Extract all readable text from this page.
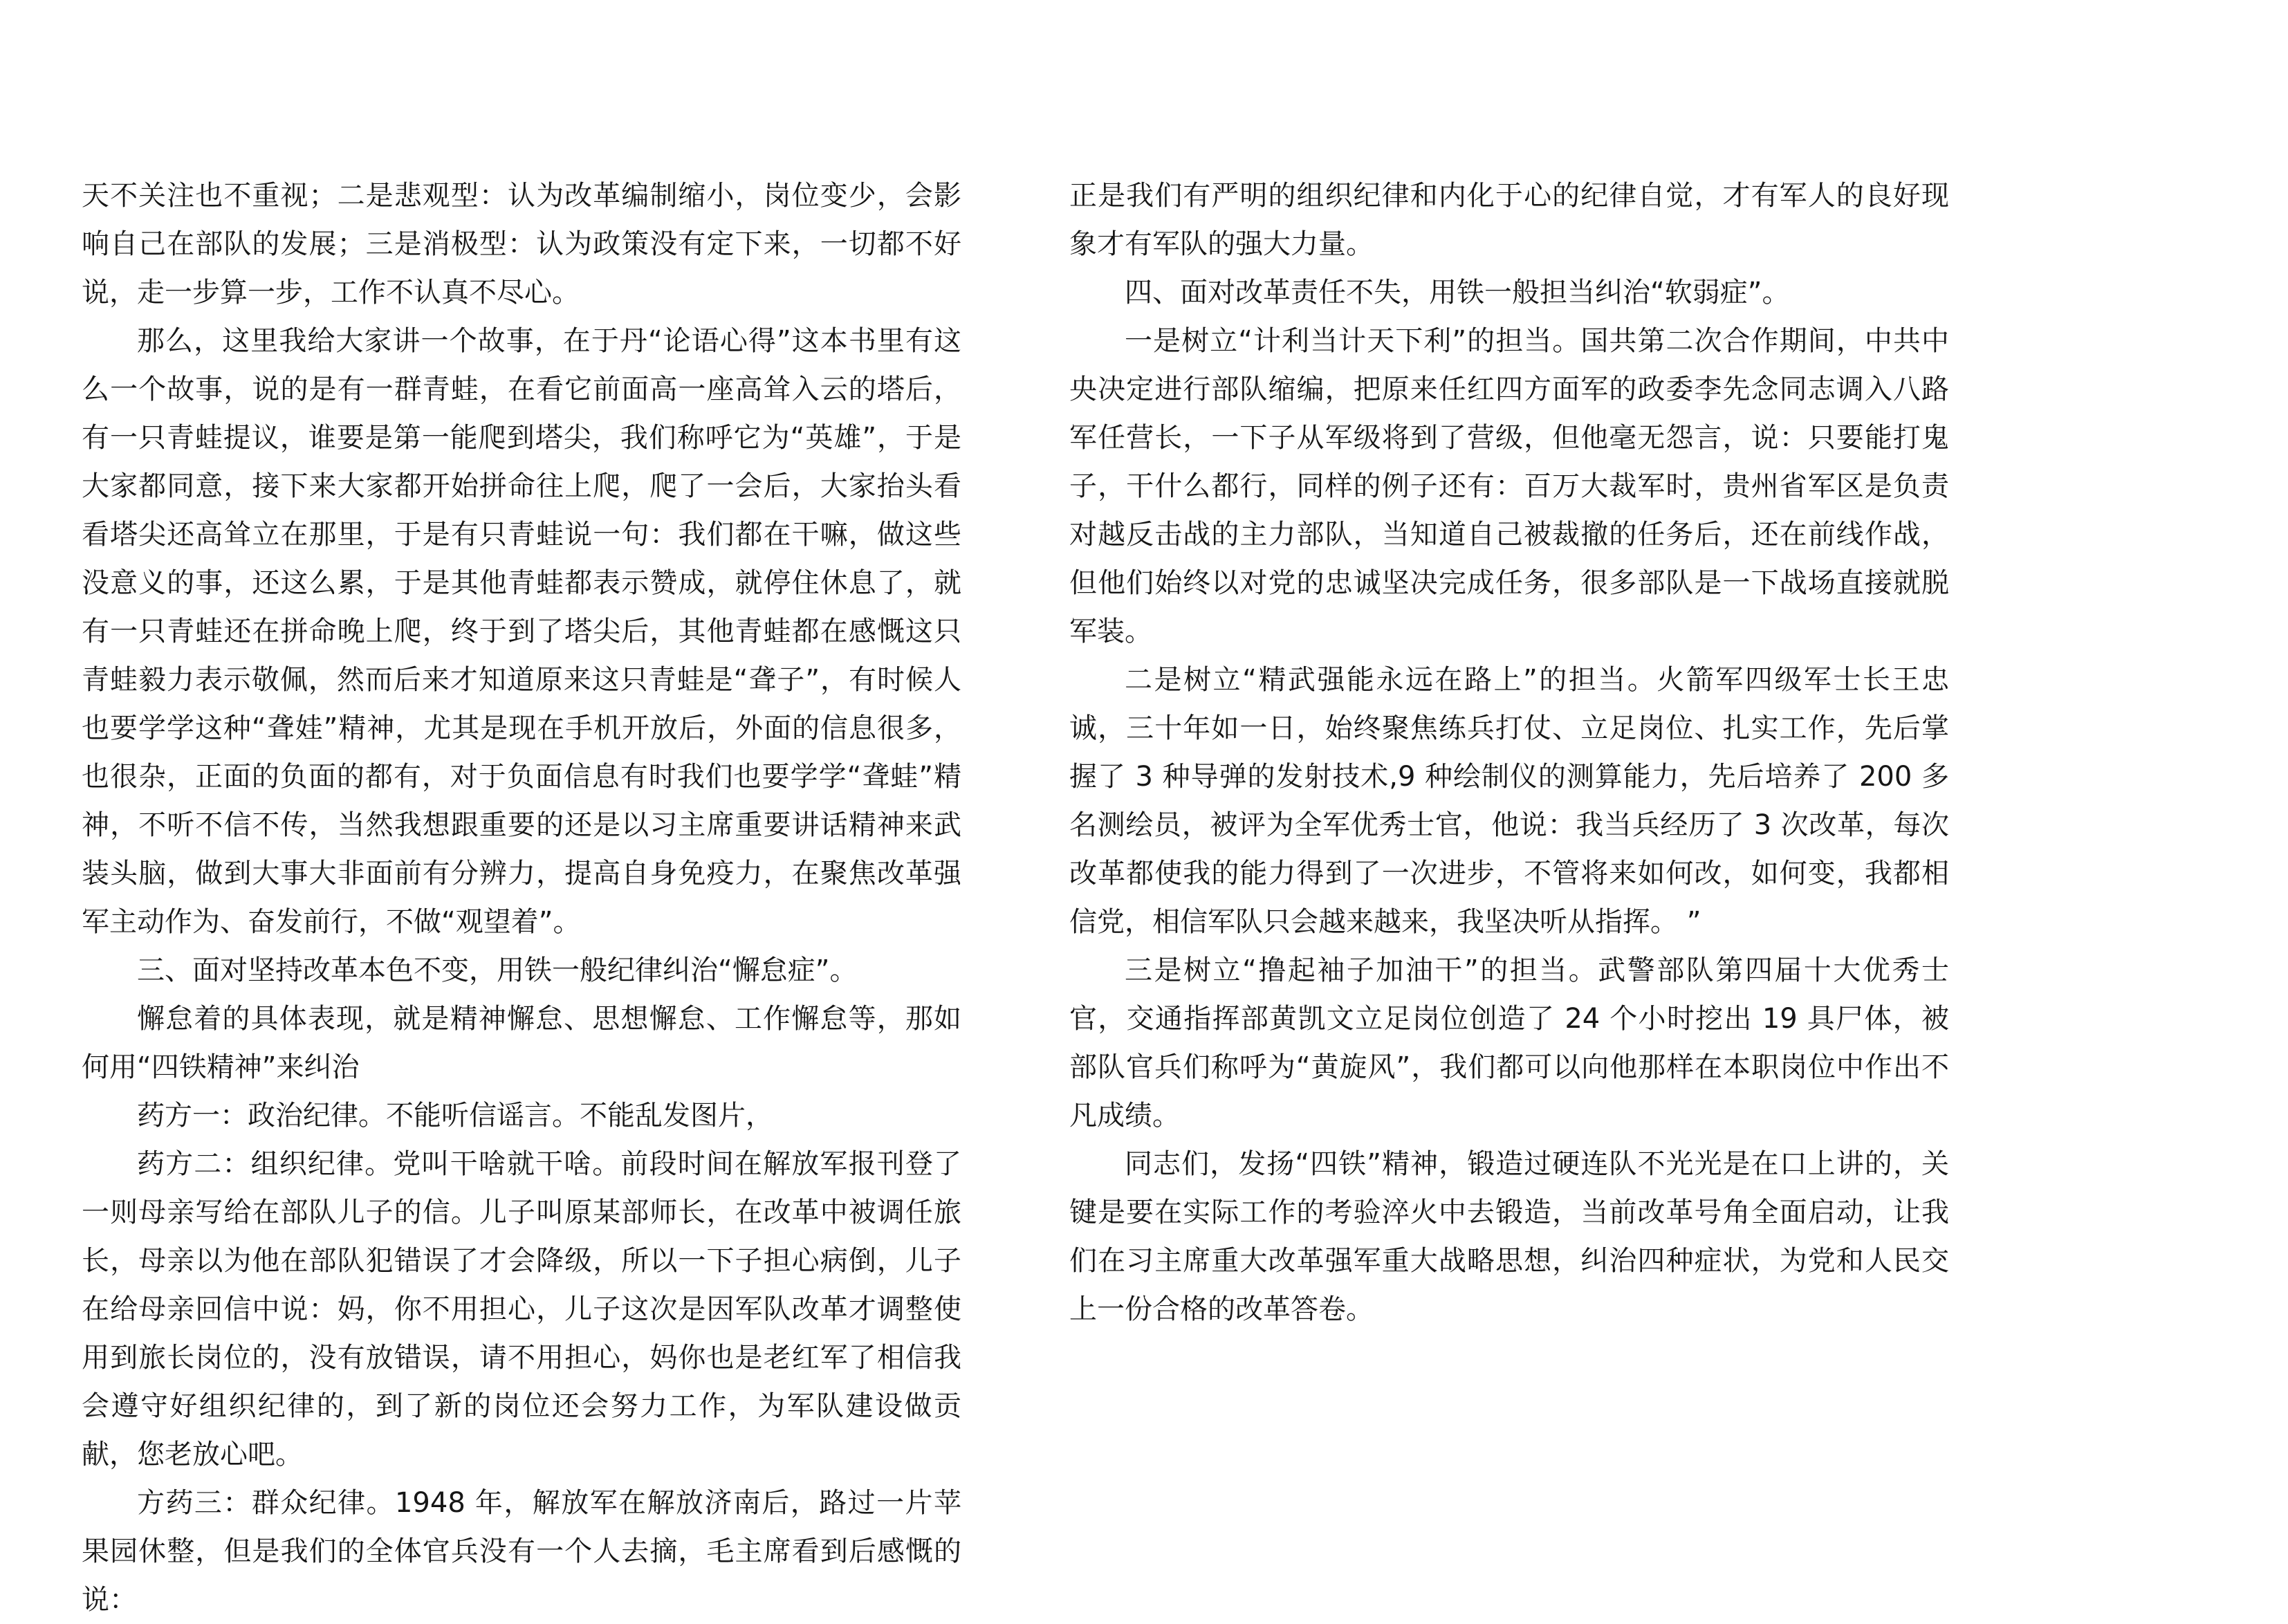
天不关注也不重视；二是悲观型：认为改革编制缩小，岗位变少，会影响自己在部队的发展；三是消极型：认为政策没有定下来，一切都不好说，走一步算一步，工作不认真不尽心。

那么，这里我给大家讲一个故事，在于丹“论语心得”这本书里有这么一个故事，说的是有一群青蛙，在看它前面高一座高耸入云的塔后，有一只青蛙提议，谁要是第一能爬到塔尖，我们称呼它为“英雄”，于是大家都同意，接下来大家都开始拼命往上爬，爬了一会后，大家抬头看看塔尖还高耸立在那里，于是有只青蛙说一句：我们都在干嘛，做这些没意义的事，还这么累，于是其他青蛙都表示赞成，就停住休息了，就有一只青蛙还在拼命晚上爬，终于到了塔尖后，其他青蛙都在感慨这只青蛙毅力表示敬佩，然而后来才知道原来这只青蛙是“聋子”，有时候人也要学学这种“聋娃”精神，尤其是现在手机开放后，外面的信息很多，也很杂，正面的负面的都有，对于负面信息有时我们也要学学“聋蛙”精神，不听不信不传，当然我想跟重要的还是以习主席重要讲话精神来武装头脑，做到大事大非面前有分辨力，提高自身免疫力，在聚焦改革强军主动作为、奋发前行，不做“观望着”。

三、面对坚持改革本色不变，用铁一般纪律纠治“懈怠症”。

懈怠着的具体表现，就是精神懈怠、思想懈怠、工作懈怠等，那如何用“四铁精神”来纠治

药方一：政治纪律。不能听信谣言。不能乱发图片，

药方二：组织纪律。党叫干啥就干啥。前段时间在解放军报刊登了一则母亲写给在部队儿子的信。儿子叫原某部师长，在改革中被调任旅长，母亲以为他在部队犯错误了才会降级，所以一下子担心病倒，儿子在给母亲回信中说：妈，你不用担心，儿子这次是因军队改革才调整使用到旅长岗位的，没有放错误，请不用担心，妈你也是老红军了相信我会遵守好组织纪律的，到了新的岗位还会努力工作，为军队建设做贡献，您老放心吧。

方药三：群众纪律。1948 年，解放军在解放济南后，路过一片苹果园休整，但是我们的全体官兵没有一个人去摘，毛主席看到后感慨的说：

正是我们有严明的组织纪律和内化于心的纪律自觉，才有军人的良好现象才有军队的强大力量。

四、面对改革责任不失，用铁一般担当纠治“软弱症”。

一是树立“计利当计天下利”的担当。国共第二次合作期间，中共中央决定进行部队缩编，把原来任红四方面军的政委李先念同志调入八路军任营长，一下子从军级将到了营级，但他毫无怨言，说：只要能打鬼子，干什么都行，同样的例子还有：百万大裁军时，贵州省军区是负责对越反击战的主力部队，当知道自己被裁撤的任务后，还在前线作战，但他们始终以对党的忠诚坚决完成任务，很多部队是一下战场直接就脱军装。

二是树立“精武强能永远在路上”的担当。火箭军四级军士长王忠诚，三十年如一日，始终聚焦练兵打仗、立足岗位、扎实工作，先后掌握了 3 种导弹的发射技术,9 种绘制仪的测算能力，先后培养了 200 多名测绘员，被评为全军优秀士官，他说：我当兵经历了 3 次改革，每次改革都使我的能力得到了一次进步，不管将来如何改，如何变，我都相信党，相信军队只会越来越来，我坚决听从指挥。 ”

三是树立“撸起袖子加油干”的担当。武警部队第四届十大优秀士官，交通指挥部黄凯文立足岗位创造了 24 个小时挖出 19 具尸体，被部队官兵们称呼为“黄旋风”，我们都可以向他那样在本职岗位中作出不凡成绩。

同志们，发扬“四铁”精神，锻造过硬连队不光光是在口上讲的，关键是要在实际工作的考验淬火中去锻造，当前改革号角全面启动，让我们在习主席重大改革强军重大战略思想，纠治四种症状，为党和人民交上一份合格的改革答卷。
